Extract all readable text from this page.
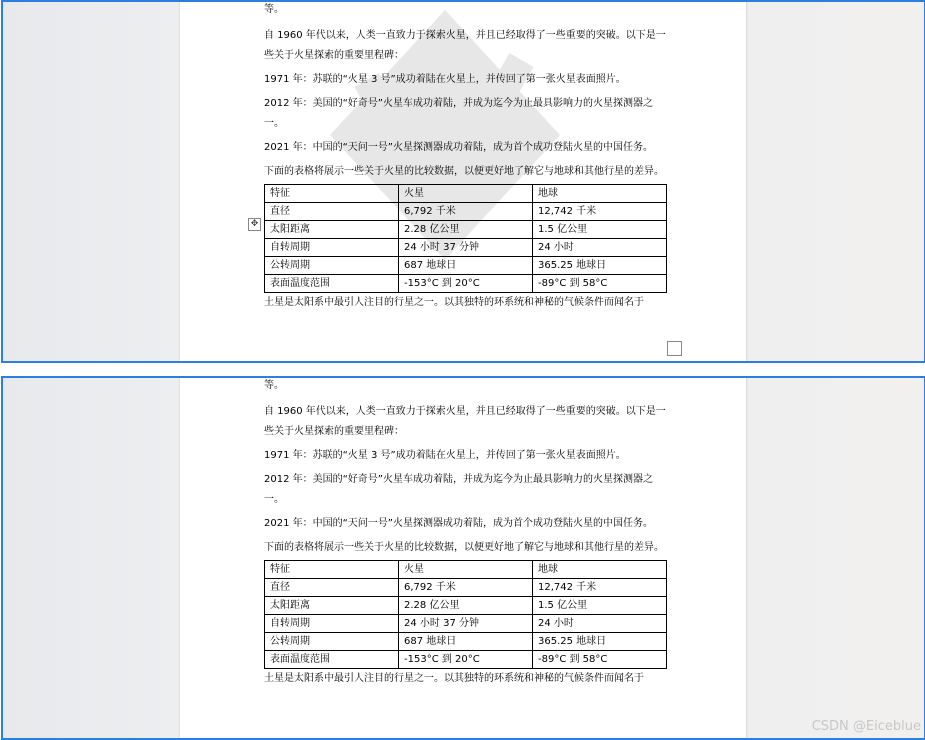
等。

自 1960 年代以来，人类一直致力于探索火星，并且已经取得了一些重要的突破。以下是一些关于火星探索的重要里程碑：

1971 年：苏联的“火星 3 号”成功着陆在火星上，并传回了第一张火星表面照片。

2012 年：美国的“好奇号”火星车成功着陆，并成为迄今为止最具影响力的火星探测器之一。

2021 年：中国的“天问一号”火星探测器成功着陆，成为首个成功登陆火星的中国任务。

下面的表格将展示一些关于火星的比较数据，以便更好地了解它与地球和其他行星的差异。

特征	火星	地球
直径	6,792 千米	12,742 千米
太阳距离	2.28 亿公里	1.5 亿公里
自转周期	24 小时 37 分钟	24 小时
公转周期	687 地球日	365.25 地球日
表面温度范围	-153°C 到 20°C	-89°C 到 58°C

土星是太阳系中最引人注目的行星之一。以其独特的环系统和神秘的气候条件而闻名于

✥

等。

自 1960 年代以来，人类一直致力于探索火星，并且已经取得了一些重要的突破。以下是一些关于火星探索的重要里程碑：

1971 年：苏联的“火星 3 号”成功着陆在火星上，并传回了第一张火星表面照片。

2012 年：美国的“好奇号”火星车成功着陆，并成为迄今为止最具影响力的火星探测器之一。

2021 年：中国的“天问一号”火星探测器成功着陆，成为首个成功登陆火星的中国任务。

下面的表格将展示一些关于火星的比较数据，以便更好地了解它与地球和其他行星的差异。

特征	火星	地球
直径	6,792 千米	12,742 千米
太阳距离	2.28 亿公里	1.5 亿公里
自转周期	24 小时 37 分钟	24 小时
公转周期	687 地球日	365.25 地球日
表面温度范围	-153°C 到 20°C	-89°C 到 58°C

土星是太阳系中最引人注目的行星之一。以其独特的环系统和神秘的气候条件而闻名于

CSDN @Eiceblue
